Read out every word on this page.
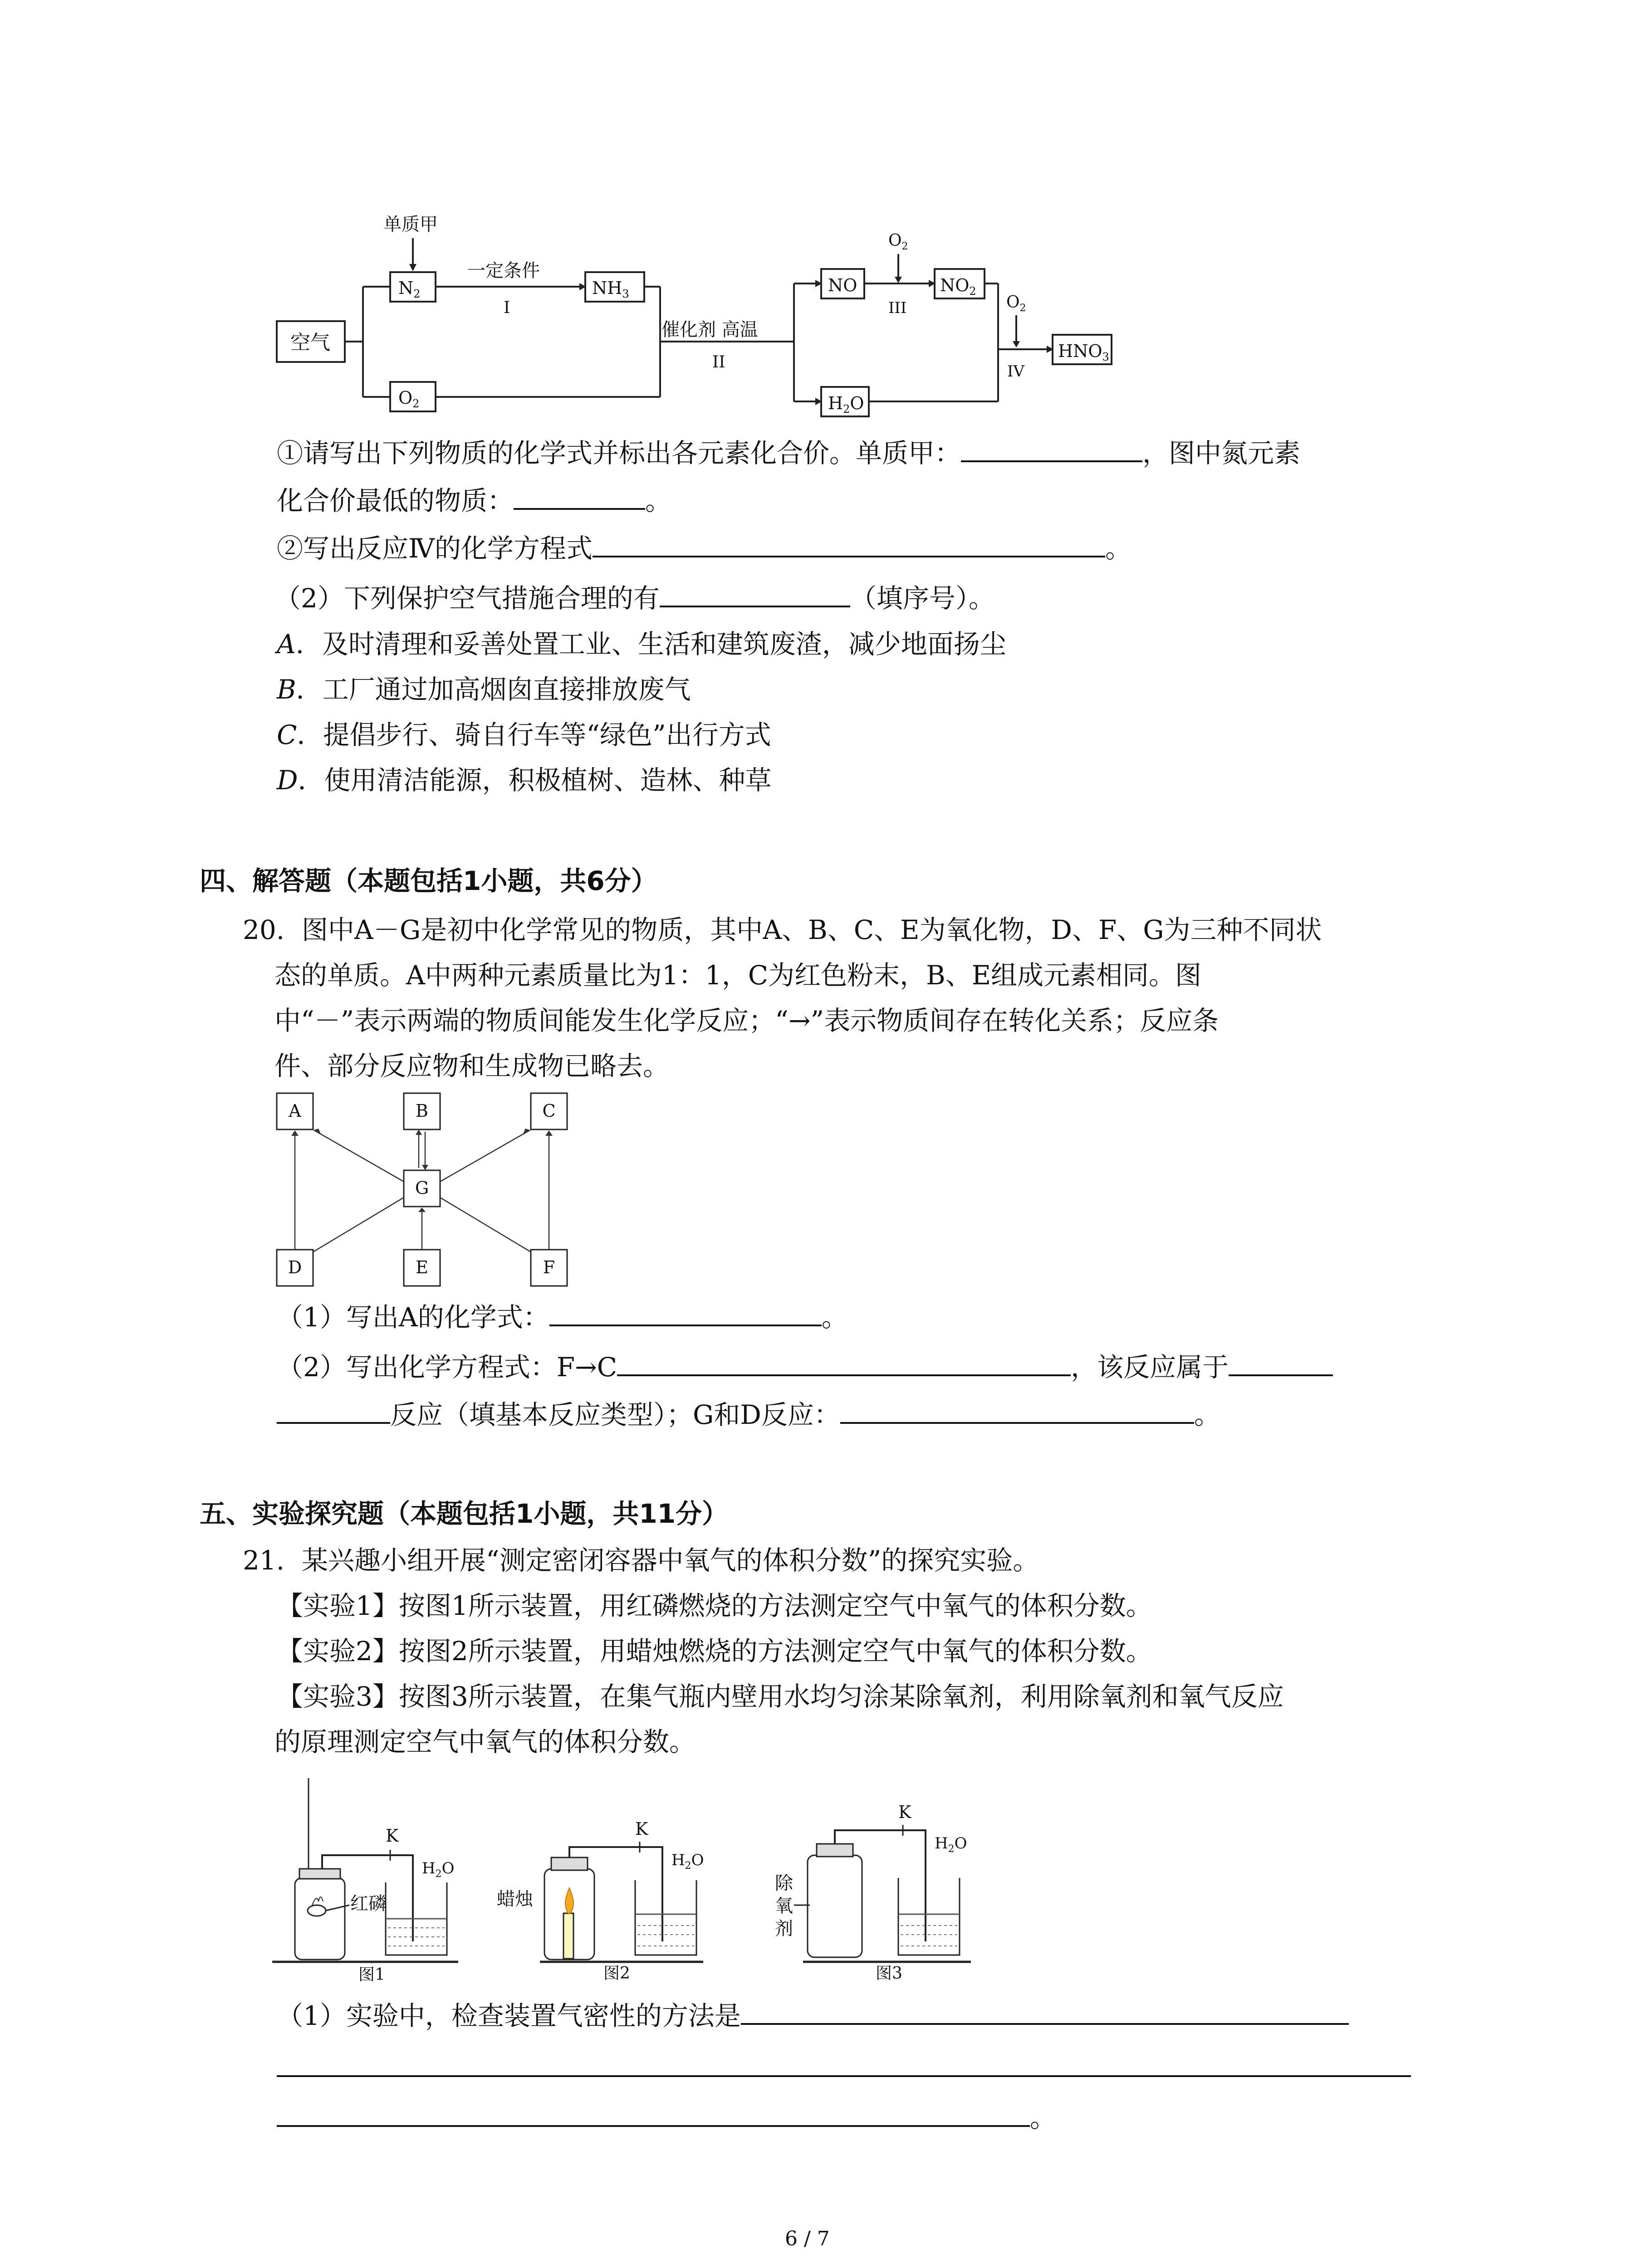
空气
单质甲
$N_2$
$O_2$
一定条件
I
$NH_3$
催化剂 高温
II
NO
$H_2O$
$O_2$
III
$NO_2$
$O_2$
IV
$HNO_3$
①请写出下列物质的化学式并标出各元素化合价。单质甲：	，图中氮元素
化合价最低的物质：	。
②写出反应Ⅳ的化学方程式	。
（2）下列保护空气措施合理的有	（填序号）。
A．及时清理和妥善处置工业、生活和建筑废渣，减少地面扬尘
B．工厂通过加高烟囱直接排放废气
C．提倡步行、骑自行车等“绿色”出行方式
D．使用清洁能源，积极植树、造林、种草
四、解答题（本题包括1小题，共6分）
20. 图中A－G是初中化学常见的物质，其中A、B、C、E为氧化物，D、F、G为三种不同状
态的单质。A中两种元素质量比为1：1，C为红色粉末，B、E组成元素相同。图
中“－”表示两端的物质间能发生化学反应；“→”表示物质间存在转化关系；反应条
件、部分反应物和生成物已略去。
A	B	C
G
D	E	F
（1）写出A的化学式：	。
（2）写出化学方程式：F→C	，该反应属于
反应（填基本反应类型）；G和D反应：	。
五、实验探究题（本题包括1小题，共11分）
21. 某兴趣小组开展“测定密闭容器中氧气的体积分数”的探究实验。
【实验1】按图1所示装置，用红磷燃烧的方法测定空气中氧气的体积分数。
【实验2】按图2所示装置，用蜡烛燃烧的方法测定空气中氧气的体积分数。
【实验3】按图3所示装置，在集气瓶内壁用水均匀涂某除氧剂，利用除氧剂和氧气反应
的原理测定空气中氧气的体积分数。
K	K
K
$H_2O$	$H_2O$
$H_2O$
红磷	蜡烛
除
氧
剂
图1	图2	图3
（1）实验中，检查装置气密性的方法是
。
6 / 7
